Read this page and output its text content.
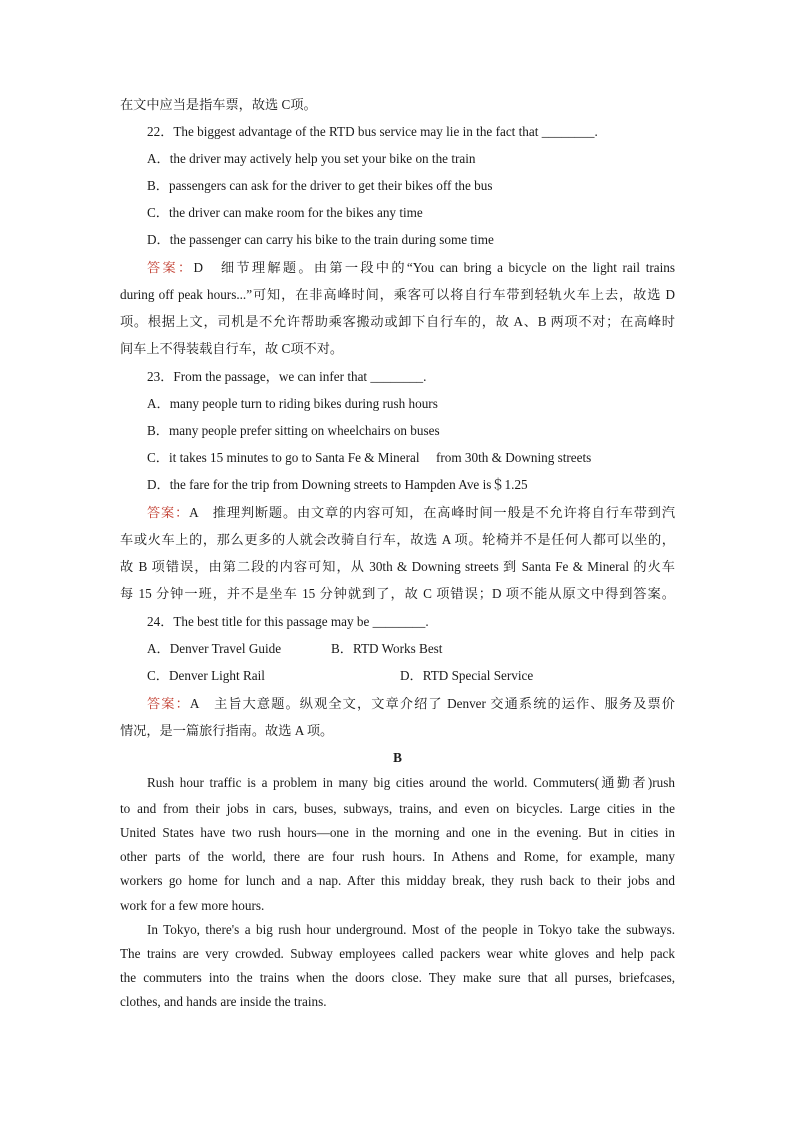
在文中应当是指车票，故选 C项。
22．The biggest advantage of the RTD bus service may lie in the fact that ________.
A．the driver may actively help you set your bike on the train
B．passengers can ask for the driver to get their bikes off the bus
C．the driver can make room for the bikes any time
D．the passenger can carry his bike to the train during some time
答案：D　细节理解题。由第一段中的“You can bring a bicycle on the light rail trains
during off peak hours...”可知，在非高峰时间，乘客可以将自行车带到轻轨火车上去，故选 D
项。根据上文，司机是不允许帮助乘客搬动或卸下自行车的，故 A、B 两项不对；在高峰时
间车上不得装载自行车，故 C项不对。
23．From the passage，we can infer that ________.
A．many people turn to riding bikes during rush hours
B．many people prefer sitting on wheelchairs on buses
C．it takes 15 minutes to go to Santa Fe & Mineral　 from 30th & Downing streets
D．the fare for the trip from Downing streets to Hampden Ave is＄1.25
答案：A　推理判断题。由文章的内容可知，在高峰时间一般是不允许将自行车带到汽
车或火车上的，那么更多的人就会改骑自行车，故选 A 项。轮椅并不是任何人都可以坐的，
故 B 项错误，由第二段的内容可知，从 30th & Downing streets 到 Santa Fe & Mineral 的火车
每 15 分钟一班，并不是坐车 15 分钟就到了，故 C 项错误；D 项不能从原文中得到答案。
24．The best title for this passage may be ________.
A．Denver Travel Guide	B．RTD Works Best
C．Denver Light Rail	D．RTD Special Service
答案：A　主旨大意题。纵观全文，文章介绍了 Denver 交通系统的运作、服务及票价
情况，是一篇旅行指南。故选 A 项。
B
Rush hour traffic is a problem in many big cities around the world. Commuters(通勤者)rush
to and from their jobs in cars, buses, subways, trains, and even on bicycles. Large cities in the
United States have two rush hours—one in the morning and one in the evening. But in cities in
other parts of the world, there are four rush hours. In Athens and Rome, for example, many
workers go home for lunch and a nap. After this midday break, they rush back to their jobs and
work for a few more hours.
In Tokyo, there's a big rush hour underground. Most of the people in Tokyo take the subways.
The trains are very crowded. Subway employees called packers wear white gloves and help pack
the commuters into the trains when the doors close. They make sure that all purses, briefcases,
clothes, and hands are inside the trains.
